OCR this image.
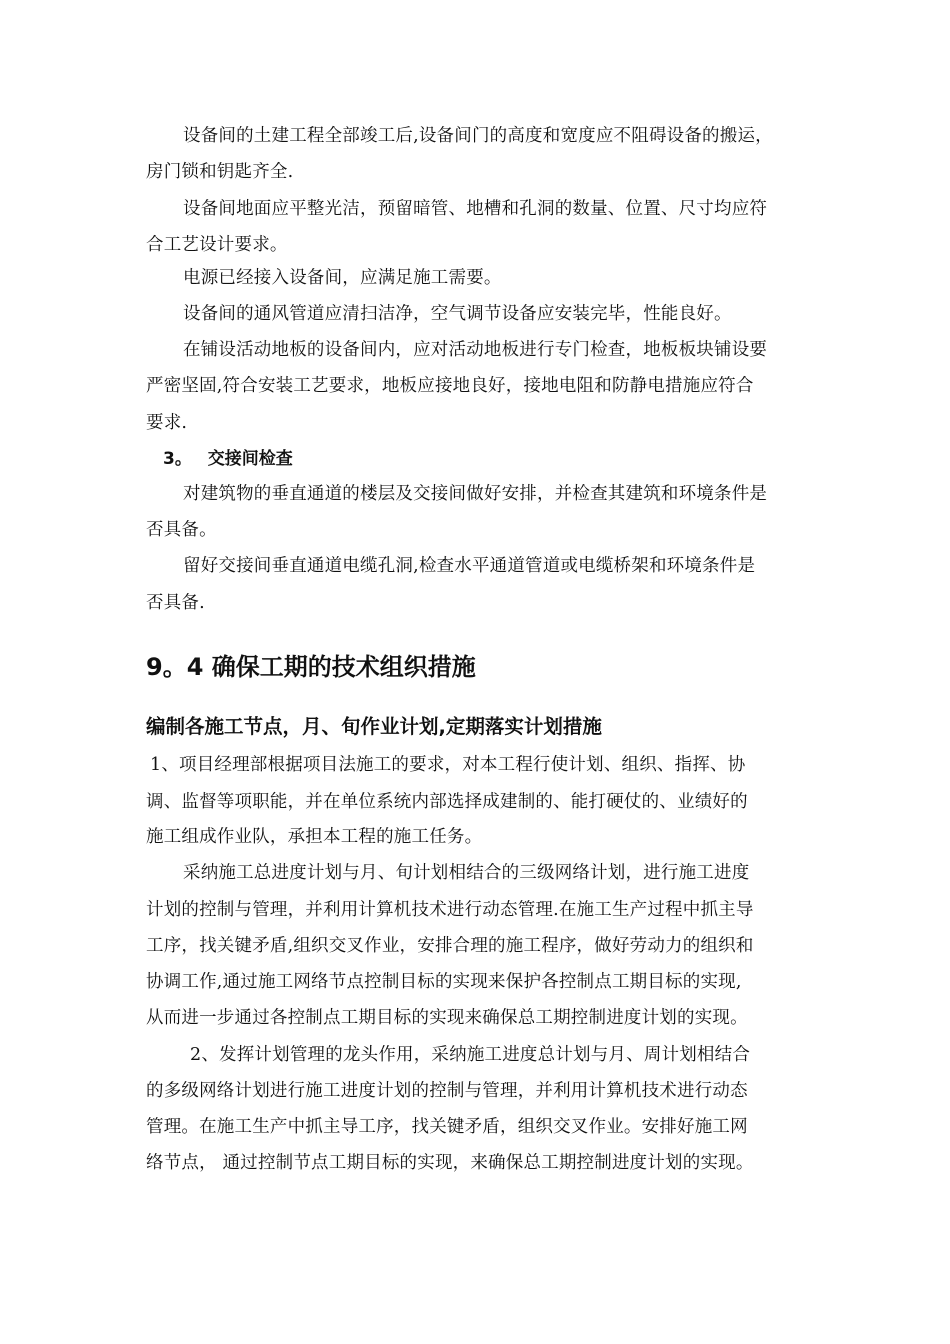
设备间的土建工程全部竣工后,设备间门的高度和宽度应不阻碍设备的搬运，
房门锁和钥匙齐全.
设备间地面应平整光洁，预留暗管、地槽和孔洞的数量、位置、尺寸均应符
合工艺设计要求。
电源已经接入设备间，应满足施工需要。
设备间的通风管道应清扫洁净，空气调节设备应安装完毕，性能良好。
在铺设活动地板的设备间内，应对活动地板进行专门检查，地板板块铺设要
严密坚固,符合安装工艺要求，地板应接地良好，接地电阻和防静电措施应符合
要求.
3。 交接间检查
对建筑物的垂直通道的楼层及交接间做好安排，并检查其建筑和环境条件是
否具备。
留好交接间垂直通道电缆孔洞,检查水平通道管道或电缆桥架和环境条件是
否具备.
9。4 确保工期的技术组织措施
编制各施工节点，月、旬作业计划,定期落实计划措施
1、项目经理部根据项目法施工的要求，对本工程行使计划、组织、指挥、协
调、监督等项职能，并在单位系统内部选择成建制的、能打硬仗的、业绩好的
施工组成作业队，承担本工程的施工任务。
采纳施工总进度计划与月、旬计划相结合的三级网络计划，进行施工进度
计划的控制与管理，并利用计算机技术进行动态管理.在施工生产过程中抓主导
工序，找关键矛盾,组织交叉作业，安排合理的施工程序，做好劳动力的组织和
协调工作,通过施工网络节点控制目标的实现来保护各控制点工期目标的实现,
从而进一步通过各控制点工期目标的实现来确保总工期控制进度计划的实现。
2、发挥计划管理的龙头作用，采纳施工进度总计划与月、周计划相结合
的多级网络计划进行施工进度计划的控制与管理，并利用计算机技术进行动态
管理。在施工生产中抓主导工序，找关键矛盾，组织交叉作业。安排好施工网
络节点， 通过控制节点工期目标的实现，来确保总工期控制进度计划的实现。
